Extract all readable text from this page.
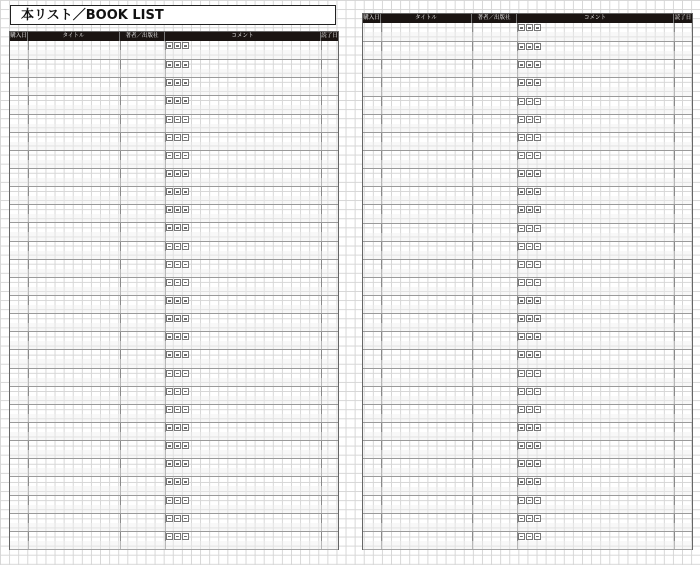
本リスト／BOOK LIST
購入日	タイトル	著者／出版社	コメント	読了日
購入日	タイトル	著者／出版社	コメント	読了日
